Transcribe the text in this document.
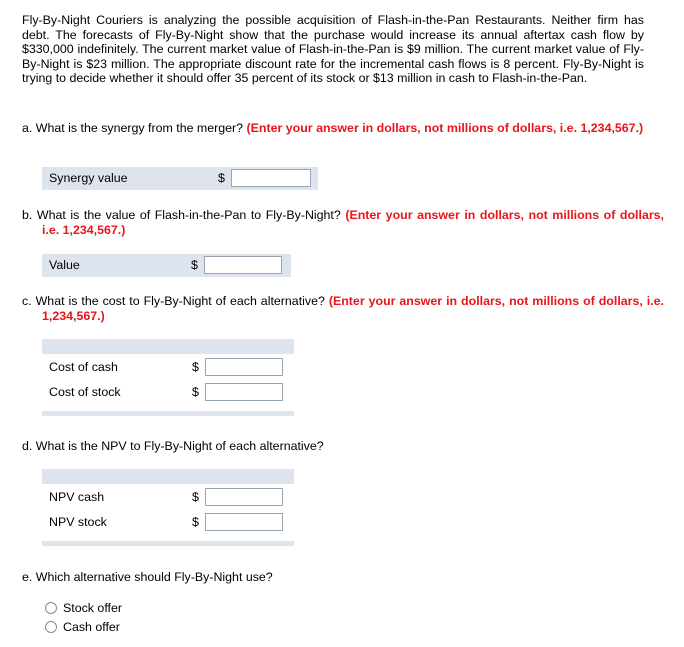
Fly-By-Night Couriers is analyzing the possible acquisition of Flash-in-the-Pan Restaurants. Neither firm has debt. The forecasts of Fly-By-Night show that the purchase would increase its annual aftertax cash flow by $330,000 indefinitely. The current market value of Flash-in-the-Pan is $9 million. The current market value of Fly-By-Night is $23 million. The appropriate discount rate for the incremental cash flows is 8 percent. Fly-By-Night is trying to decide whether it should offer 35 percent of its stock or $13 million in cash to Flash-in-the-Pan.

a. What is the synergy from the merger? (Enter your answer in dollars, not millions of dollars, i.e. 1,234,567.)
Synergy value	$
b. What is the value of Flash-in-the-Pan to Fly-By-Night? (Enter your answer in dollars, not millions of dollars, i.e. 1,234,567.)
Value	$
c. What is the cost to Fly-By-Night of each alternative? (Enter your answer in dollars, not millions of dollars, i.e. 1,234,567.)
Cost of cash	$
Cost of stock	$
d. What is the NPV to Fly-By-Night of each alternative?
NPV cash	$
NPV stock	$
e. Which alternative should Fly-By-Night use?
Stock offer
Cash offer
